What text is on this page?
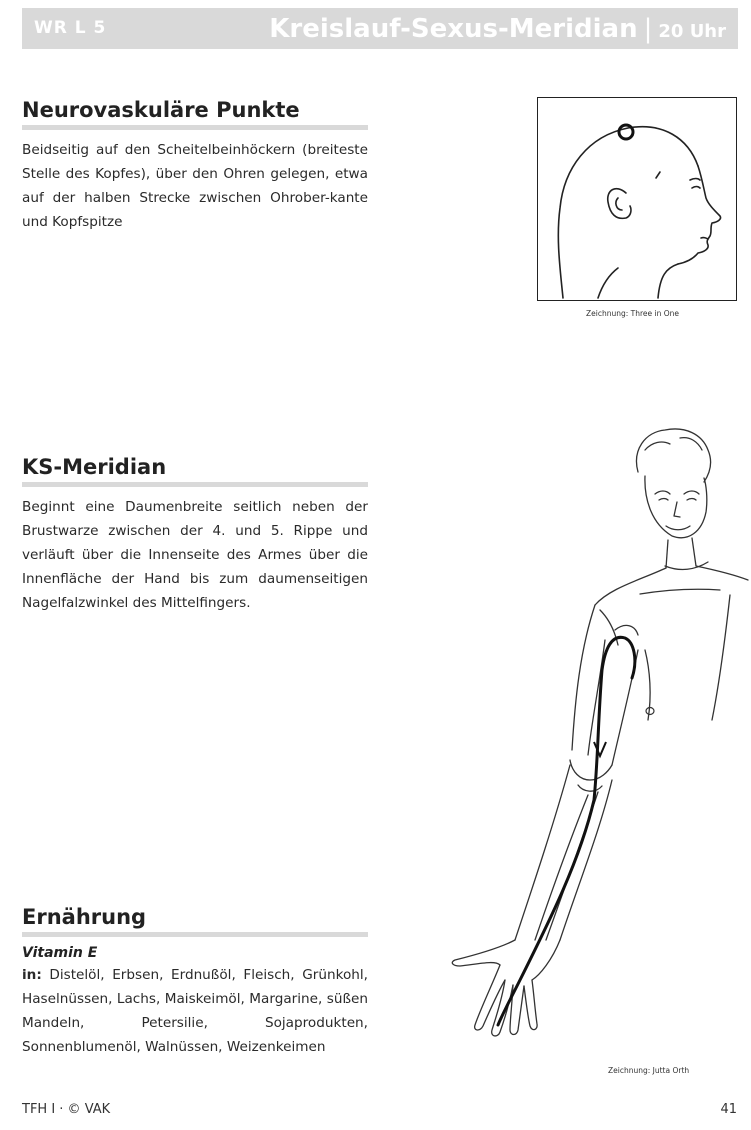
WR L 5	Kreislauf-Sexus-Meridian | 20 Uhr
Neurovaskuläre Punkte

Beidseitig auf den Scheitelbeinhöckern (breiteste Stelle des Kopfes), über den Ohren gelegen, etwa auf der halben Strecke zwischen Ohrober-kante und Kopfspitze

Zeichnung: Three in One
KS-Meridian

Beginnt eine Daumenbreite seitlich neben der Brustwarze zwischen der 4. und 5. Rippe und verläuft über die Innenseite des Armes über die Innenfläche der Hand bis zum daumenseitigen Nagelfalzwinkel des Mittelfingers.

Zeichnung: Jutta Orth
Ernährung
Vitamin E

in: Distelöl, Erbsen, Erdnußöl, Fleisch, Grünkohl, Haselnüssen, Lachs, Maiskeimöl, Margarine, süßen Mandeln, Petersilie, Sojaprodukten, Sonnenblumenöl, Walnüssen, Weizenkeimen

TFH I · © VAK	41
